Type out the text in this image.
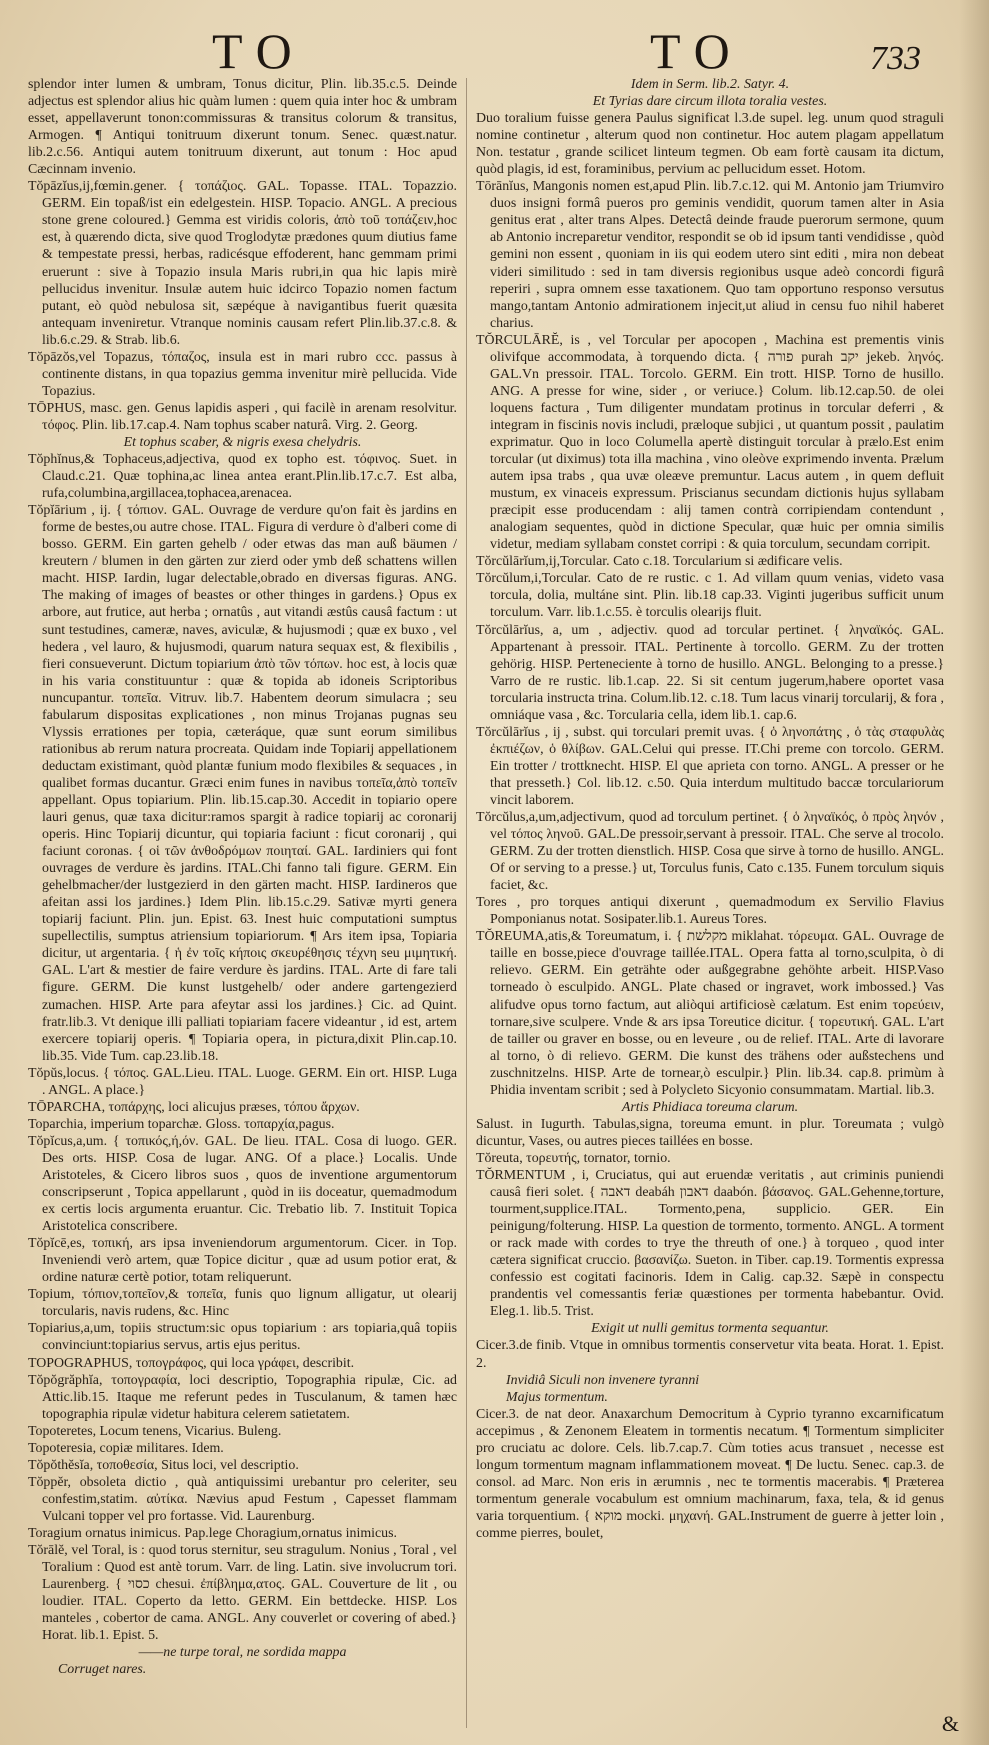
TO	TO	733

splendor inter lumen & umbram, Tonus dicitur, Plin. lib.35.c.5. Deinde adjectus est splendor alius hic quàm lumen : quem quia inter hoc & umbram esset, appellaverunt tonon:commissuras & transitus colorum & transitus, Armogen. ¶ Antiqui tonitruum dixerunt tonum. Senec. quæst.natur. lib.2.c.56. Antiqui autem tonitruum dixerunt, aut tonum : Hoc apud Cæcinnam invenio.

Tŏpāzĭus,ij,fœmin.gener. { τοπάζιος. GAL. Topasse. ITAL. Topazzio. GERM. Ein topaß/ist ein edelgestein. HISP. Topacio. ANGL. A precious stone grene coloured.} Gemma est viridis coloris, ἀπὸ τοῦ τοπάζειν,hoc est, à quærendo dicta, sive quod Troglodytæ prædones quum diutius fame & tempestate pressi, herbas, radicésque effoderent, hanc gemmam primi eruerunt : sive à Topazio insula Maris rubri,in qua hic lapis mirè pellucidus invenitur. Insulæ autem huic idcirco Topazio nomen factum putant, eò quòd nebulosa sit, sæpéque à navigantibus fuerit quæsita antequam inveniretur. Vtranque nominis causam refert Plin.lib.37.c.8. & lib.6.c.29. & Strab. lib.6.

Tŏpāzŏs,vel Topazus, τόπαζος, insula est in mari rubro ccc. passus à continente distans, in qua topazius gemma invenitur mirè pellucida. Vide Topazius.

TŌPHUS, masc. gen. Genus lapidis asperi , qui facilè in arenam resolvitur. τόφος. Plin. lib.17.cap.4. Nam tophus scaber naturâ. Virg. 2. Georg.

Et tophus scaber, & nigris exesa chelydris.

Tŏphĭnus,& Tophaceus,adjectiva, quod ex topho est. τόφινος. Suet. in Claud.c.21. Quæ tophina,ac linea antea erant.Plin.lib.17.c.7. Est alba, rufa,columbina,argillacea,tophacea,arenacea.

Tŏpĭārium , ij. { τόπιον. GAL. Ouvrage de verdure qu'on fait ès jardins en forme de bestes,ou autre chose. ITAL. Figura di verdure ò d'alberi come di bosso. GERM. Ein garten gehelb / oder etwas das man auß bäumen / kreutern / blumen in den gärten zur zierd oder ymb deß schattens willen macht. HISP. Iardin, lugar delectable,obrado en diversas figuras. ANG. The making of images of beastes or other thinges in gardens.} Opus ex arbore, aut frutice, aut herba ; ornatûs , aut vitandi æstûs causâ factum : ut sunt testudines, cameræ, naves, aviculæ, & hujusmodi ; quæ ex buxo , vel hedera , vel lauro, & hujusmodi, quarum natura sequax est, & flexibilis , fieri consueverunt. Dictum topiarium ἀπὸ τῶν τόπων. hoc est, à locis quæ in his varia constituuntur : quæ & topida ab idoneis Scriptoribus nuncupantur. τοπεῖα. Vitruv. lib.7. Habentem deorum simulacra ; seu fabularum dispositas explicationes , non minus Trojanas pugnas seu Vlyssis errationes per topia, cæteráque, quæ sunt eorum similibus rationibus ab rerum natura procreata. Quidam inde Topiarij appellationem deductam existimant, quòd plantæ funium modo flexibiles & sequaces , in qualibet formas ducantur. Græci enim funes in navibus τοπεῖα,ἀπὸ τοπεῖν appellant. Opus topiarium. Plin. lib.15.cap.30. Accedit in topiario opere lauri genus, quæ taxa dicitur:ramos spargit à radice topiarij ac coronarij operis. Hinc Topiarij dicuntur, qui topiaria faciunt : ficut coronarij , qui faciunt coronas. { οἱ τῶν ἀνθοδρόμων ποιηταί. GAL. Iardiniers qui font ouvrages de verdure ès jardins. ITAL.Chi fanno tali figure. GERM. Ein gehelbmacher/der lustgezierd in den gärten macht. HISP. Iardineros que afeitan assi los jardines.} Idem Plin. lib.15.c.29. Sativæ myrti genera topiarij faciunt. Plin. jun. Epist. 63. Inest huic computationi sumptus supellectilis, sumptus atriensium topiariorum. ¶ Ars item ipsa, Topiaria dicitur, ut argentaria. { ἡ ἐν τοῖς κήποις σκευρέθησις τέχνη seu μιμητική. GAL. L'art & mestier de faire verdure ès jardins. ITAL. Arte di fare tali figure. GERM. Die kunst lustgehelb/ oder andere gartengezierd zumachen. HISP. Arte para afeytar assi los jardines.} Cic. ad Quint. fratr.lib.3. Vt denique illi palliati topiariam facere videantur , id est, artem exercere topiarij operis. ¶ Topiaria opera, in pictura,dixit Plin.cap.10. lib.35. Vide Tum. cap.23.lib.18.

Tŏpŭs,locus. { τόπος. GAL.Lieu. ITAL. Luoge. GERM. Ein ort. HISP. Luga . ANGL. A place.}

TŌPARCHA, τοπάρχης, loci alicujus præses, τόπου ἄρχων.

Toparchia, imperium toparchæ. Gloss. τοπαρχία,pagus.

Tŏpĭcus,a,um. { τοπικός,ή,όν. GAL. De lieu. ITAL. Cosa di luogo. GER. Des orts. HISP. Cosa de lugar. ANG. Of a place.} Localis. Unde Aristoteles, & Cicero libros suos , quos de inventione argumentorum conscripserunt , Topica appellarunt , quòd in iis doceatur, quemadmodum ex certis locis argumenta eruantur. Cic. Trebatio lib. 7. Instituit Topica Aristotelica conscribere.

Tŏpĭcē,es, τοπική, ars ipsa inveniendorum argumentorum. Cicer. in Top. Inveniendi verò artem, quæ Topice dicitur , quæ ad usum potior erat, & ordine naturæ certè potior, totam reliquerunt.

Topium, τόπιον,τοπεῖον,& τοπεῖα, funis quo lignum alligatur, ut olearij torcularis, navis rudens, &c. Hinc

Topiarius,a,um, topiis structum:sic opus topiarium : ars topiaria,quâ topiis convinciunt:topiarius servus, artis ejus peritus.

TOPOGRAPHUS, τοπογράφος, qui loca γράφει, describit.

Tŏpŏgrăphĭa, τοπογραφία, loci descriptio, Topographia ripulæ, Cic. ad Attic.lib.15. Itaque me referunt pedes in Tusculanum, & tamen hæc topographia ripulæ videtur habitura celerem satietatem.

Topoteretes, Locum tenens, Vicarius. Buleng.

Topoteresia, copiæ militares. Idem.

Tŏpŏthĕsĭa, τοποθεσία, Situs loci, vel descriptio.

Tŏppĕr, obsoleta dictio , quà antiquissimi urebantur pro celeriter, seu confestim,statim. αὐτίκα. Nævius apud Festum , Capesset flammam Vulcani topper vel pro fortasse. Vid. Laurenburg.

Toragium ornatus inimicus. Pap.lege Choragium,ornatus inimicus.

Tŏrālĕ, vel Toral, is : quod torus sternitur, seu stragulum. Nonius , Toral , vel Toralium : Quod est antè torum. Varr. de ling. Latin. sive involucrum tori. Laurenberg. { כסוי chesui. ἐπίβλημα,ατος. GAL. Couverture de lit , ou loudier. ITAL. Coperto da letto. GERM. Ein bettdecke. HISP. Los manteles , cobertor de cama. ANGL. Any couverlet or covering of abed.} Horat. lib.1. Epist. 5.

——ne turpe toral, ne sordida mappa

Corruget nares.

Idem in Serm. lib.2. Satyr. 4.

Et Tyrias dare circum illota toralia vestes.

Duo toralium fuisse genera Paulus significat l.3.de supel. leg. unum quod straguli nomine continetur , alterum quod non continetur. Hoc autem plagam appellatum Non. testatur , grande scilicet linteum tegmen. Ob eam fortè causam ita dictum, quòd plagis, id est, foraminibus, pervium ac pellucidum esset. Hotom.

Tōrānĭus, Mangonis nomen est,apud Plin. lib.7.c.12. qui M. Antonio jam Triumviro duos insigni formâ pueros pro geminis vendidit, quorum tamen alter in Asia genitus erat , alter trans Alpes. Detectâ deinde fraude puerorum sermone, quum ab Antonio increparetur venditor, respondit se ob id ipsum tanti vendidisse , quòd gemini non essent , quoniam in iis qui eodem utero sint editi , mira non debeat videri similitudo : sed in tam diversis regionibus usque adeò concordi figurâ reperiri , supra omnem esse taxationem. Quo tam opportuno responso versutus mango,tantam Antonio admirationem injecit,ut aliud in censu fuo nihil haberet charius.

TŎRCULĀRĔ, is , vel Torcular per apocopen , Machina est prementis vinis olivifque accommodata, à torquendo dicta. { פורה purah יקב jekeb. ληνός. GAL.Vn pressoir. ITAL. Torcolo. GERM. Ein trott. HISP. Torno de husillo. ANG. A presse for wine, sider , or veriuce.} Colum. lib.12.cap.50. de olei loquens factura , Tum diligenter mundatam protinus in torcular deferri , & integram in fiscinis novis includi, præloque subjici , ut quantum possit , paulatim exprimatur. Quo in loco Columella apertè distinguit torcular à prælo.Est enim torcular (ut diximus) tota illa machina , vino oleòve exprimendo inventa. Prælum autem ipsa trabs , qua uvæ oleæve premuntur. Lacus autem , in quem defluit mustum, ex vinaceis expressum. Priscianus secundam dictionis hujus syllabam præcipit esse producendam : alij tamen contrà corripiendam contendunt , analogiam sequentes, quòd in dictione Specular, quæ huic per omnia similis videtur, mediam syllabam constet corripi : & quia torculum, secundam corripit.

Tŏrcŭlārĭum,ij,Torcular. Cato c.18. Torcularium si ædificare velis.

Tŏrcŭlum,i,Torcular. Cato de re rustic. c 1. Ad villam quum venias, videto vasa torcula, dolia, multáne sint. Plin. lib.18 cap.33. Viginti jugeribus sufficit unum torculum. Varr. lib.1.c.55. è torculis olearijs fluit.

Tŏrcŭlārĭus, a, um , adjectiv. quod ad torcular pertinet. { ληναϊκός. GAL. Appartenant à pressoir. ITAL. Pertinente à torcollo. GERM. Zu der trotten gehörig. HISP. Perteneciente à torno de husillo. ANGL. Belonging to a presse.} Varro de re rustic. lib.1.cap. 22. Si sit centum jugerum,habere oportet vasa torcularia instructa trina. Colum.lib.12. c.18. Tum lacus vinarij torcularij, & fora , omniáque vasa , &c. Torcularia cella, idem lib.1. cap.6.

Tŏrcŭlārĭus , ij , subst. qui torculari premit uvas. { ὁ ληνοπάτης , ὁ τὰς σταφυλὰς ἐκπιέζων, ὁ θλίβων. GAL.Celui qui presse. IT.Chi preme con torcolo. GERM. Ein trotter / trottknecht. HISP. El que aprieta con torno. ANGL. A presser or he that presseth.} Col. lib.12. c.50. Quia interdum multitudo baccæ torculariorum vincit laborem.

Tŏrcŭlus,a,um,adjectivum, quod ad torculum pertinet. { ὁ ληναϊκός, ὁ πρὸς ληνόν , vel τόπος ληνοῦ. GAL.De pressoir,servant à pressoir. ITAL. Che serve al trocolo. GERM. Zu der trotten dienstlich. HISP. Cosa que sirve à torno de husillo. ANGL. Of or serving to a presse.} ut, Torculus funis, Cato c.135. Funem torculum siquis faciet, &c.

Tores , pro torques antiqui dixerunt , quemadmodum ex Servilio Flavius Pomponianus notat. Sosipater.lib.1. Aureus Tores.

TŎREUMA,atis,& Toreumatum, i. { מקלשת miklahat. τόρευμα. GAL. Ouvrage de taille en bosse,piece d'ouvrage taillée.ITAL. Opera fatta al torno,sculpita, ò di relievo. GERM. Ein geträhte oder außgegrabne gehöhte arbeit. HISP.Vaso torneado ò esculpido. ANGL. Plate chased or ingravet, work imbossed.} Vas alifudve opus torno factum, aut aliòqui artificiosè cælatum. Est enim τορεύειν, tornare,sive sculpere. Vnde & ars ipsa Toreutice dicitur. { τορευτική. GAL. L'art de tailler ou graver en bosse, ou en leveure , ou de relief. ITAL. Arte di lavorare al torno, ò di relievo. GERM. Die kunst des trähens oder außstechens und zuschnitzelns. HISP. Arte de tornear,ò esculpir.} Plin. lib.34. cap.8. primùm à Phidia inventam scribit ; sed à Polycleto Sicyonio consummatam. Martial. lib.3.

Artis Phidiaca toreuma clarum.

Salust. in Iugurth. Tabulas,signa, toreuma emunt. in plur. Toreumata ; vulgò dicuntur, Vases, ou autres pieces taillées en bosse.

Tŏreuta, τορευτής, tornator, tornio.

TŎRMENTUM , i, Cruciatus, qui aut eruendæ veritatis , aut criminis puniendi causâ fieri solet. { דאבה deabáh דאבון daabón. βάσανος. GAL.Gehenne,torture, tourment,supplice.ITAL. Tormento,pena, supplicio. GER. Ein peinigung/folterung. HISP. La question de tormento, tormento. ANGL. A torment or rack made with cordes to trye the threuth of one.} à torqueo , quod inter cætera significat cruccio. βασανίζω. Sueton. in Tiber. cap.19. Tormentis expressa confessio est cogitati facinoris. Idem in Calig. cap.32. Sæpè in conspectu prandentis vel comessantis feriæ quæstiones per tormenta habebantur. Ovid. Eleg.1. lib.5. Trist.

Exigit ut nulli gemitus tormenta sequantur.

Cicer.3.de finib. Vtque in omnibus tormentis conservetur vita beata. Horat. 1. Epist. 2.

Invidiâ Siculi non invenere tyranni

Majus tormentum.

Cicer.3. de nat deor. Anaxarchum Democritum à Cyprio tyranno excarnificatum accepimus , & Zenonem Eleatem in tormentis necatum. ¶ Tormentum simpliciter pro cruciatu ac dolore. Cels. lib.7.cap.7. Cùm toties acus transuet , necesse est longum tormentum magnam inflammationem moveat. ¶ De luctu. Senec. cap.3. de consol. ad Marc. Non eris in ærumnis , nec te tormentis macerabis. ¶ Præterea tormentum generale vocabulum est omnium machinarum, faxa, tela, & id genus varia torquentium. { מוקא mocki. μηχανή. GAL.Instrument de guerre à jetter loin , comme pierres, boulet,

&
